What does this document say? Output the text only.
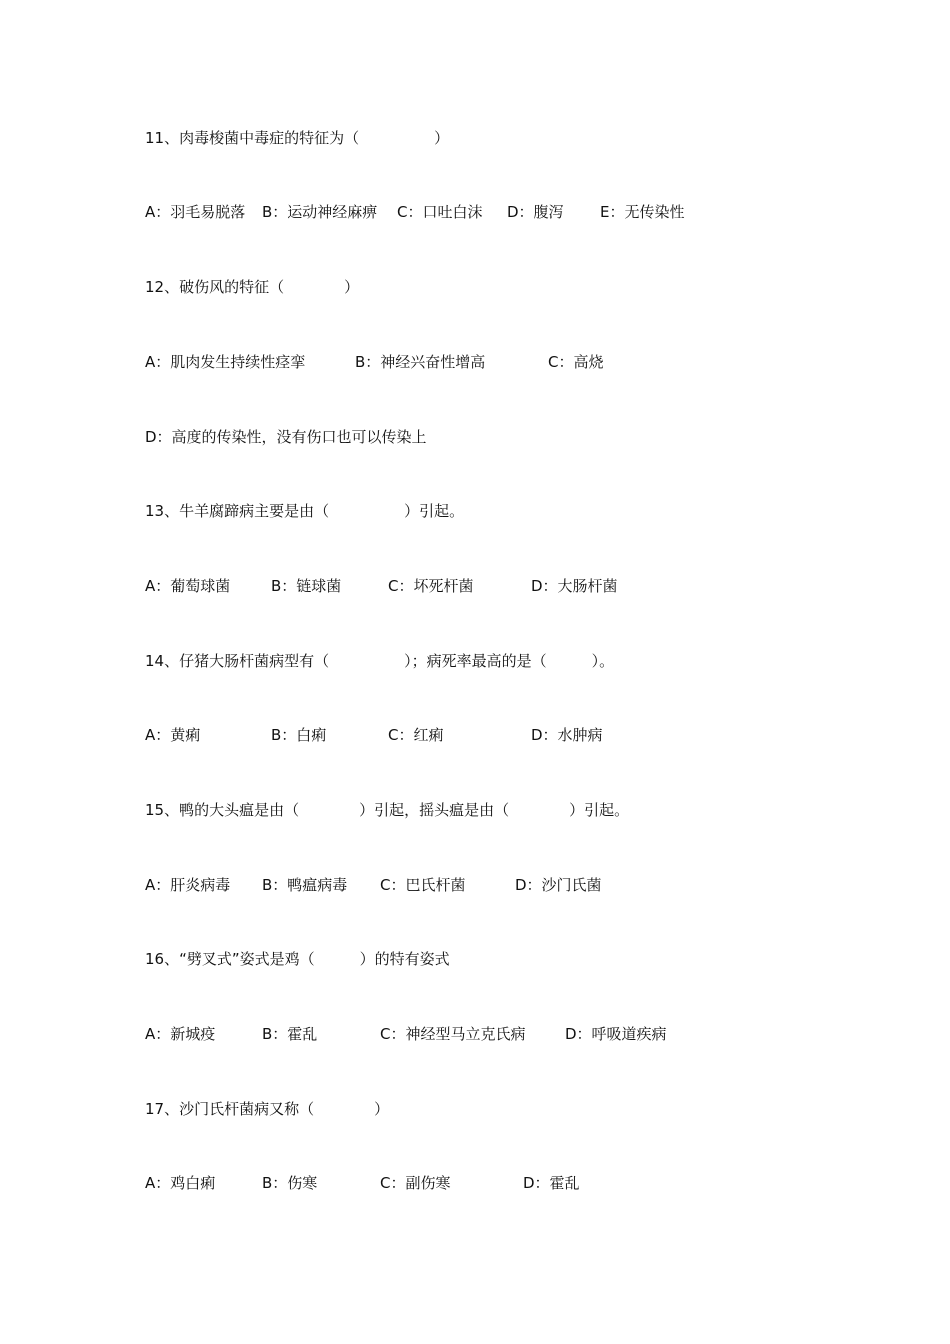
11、肉毒梭菌中毒症的特征为（　　　　　）

A：羽毛易脱落

B：运动神经麻痹

C：口吐白沫

D：腹泻

E：无传染性

12、破伤风的特征（　　　　）

A：肌肉发生持续性痉挛

	B：神经兴奋性增高

	C：高烧

D：高度的传染性，没有伤口也可以传染上

13、牛羊腐蹄病主要是由（　　　　　）引起。

A：葡萄球菌

	B：链球菌

	C：坏死杆菌

	D：大肠杆菌

14、仔猪大肠杆菌病型有（　　　　　）；病死率最高的是（　　　）。

A：黄痢

	B：白痢

	C：红痢

	D：水肿病

15、鸭的大头瘟是由（　　　　）引起，摇头瘟是由（　　　　）引起。

A：肝炎病毒

B：鸭瘟病毒

C：巴氏杆菌

	D：沙门氏菌

16、“劈叉式”姿式是鸡（　　　）的特有姿式

A：新城疫

	B：霍乱

	C：神经型马立克氏病

	D：呼吸道疾病

17、沙门氏杆菌病又称（　　　　）

A：鸡白痢

	B：伤寒

	C：副伤寒

	D：霍乱
